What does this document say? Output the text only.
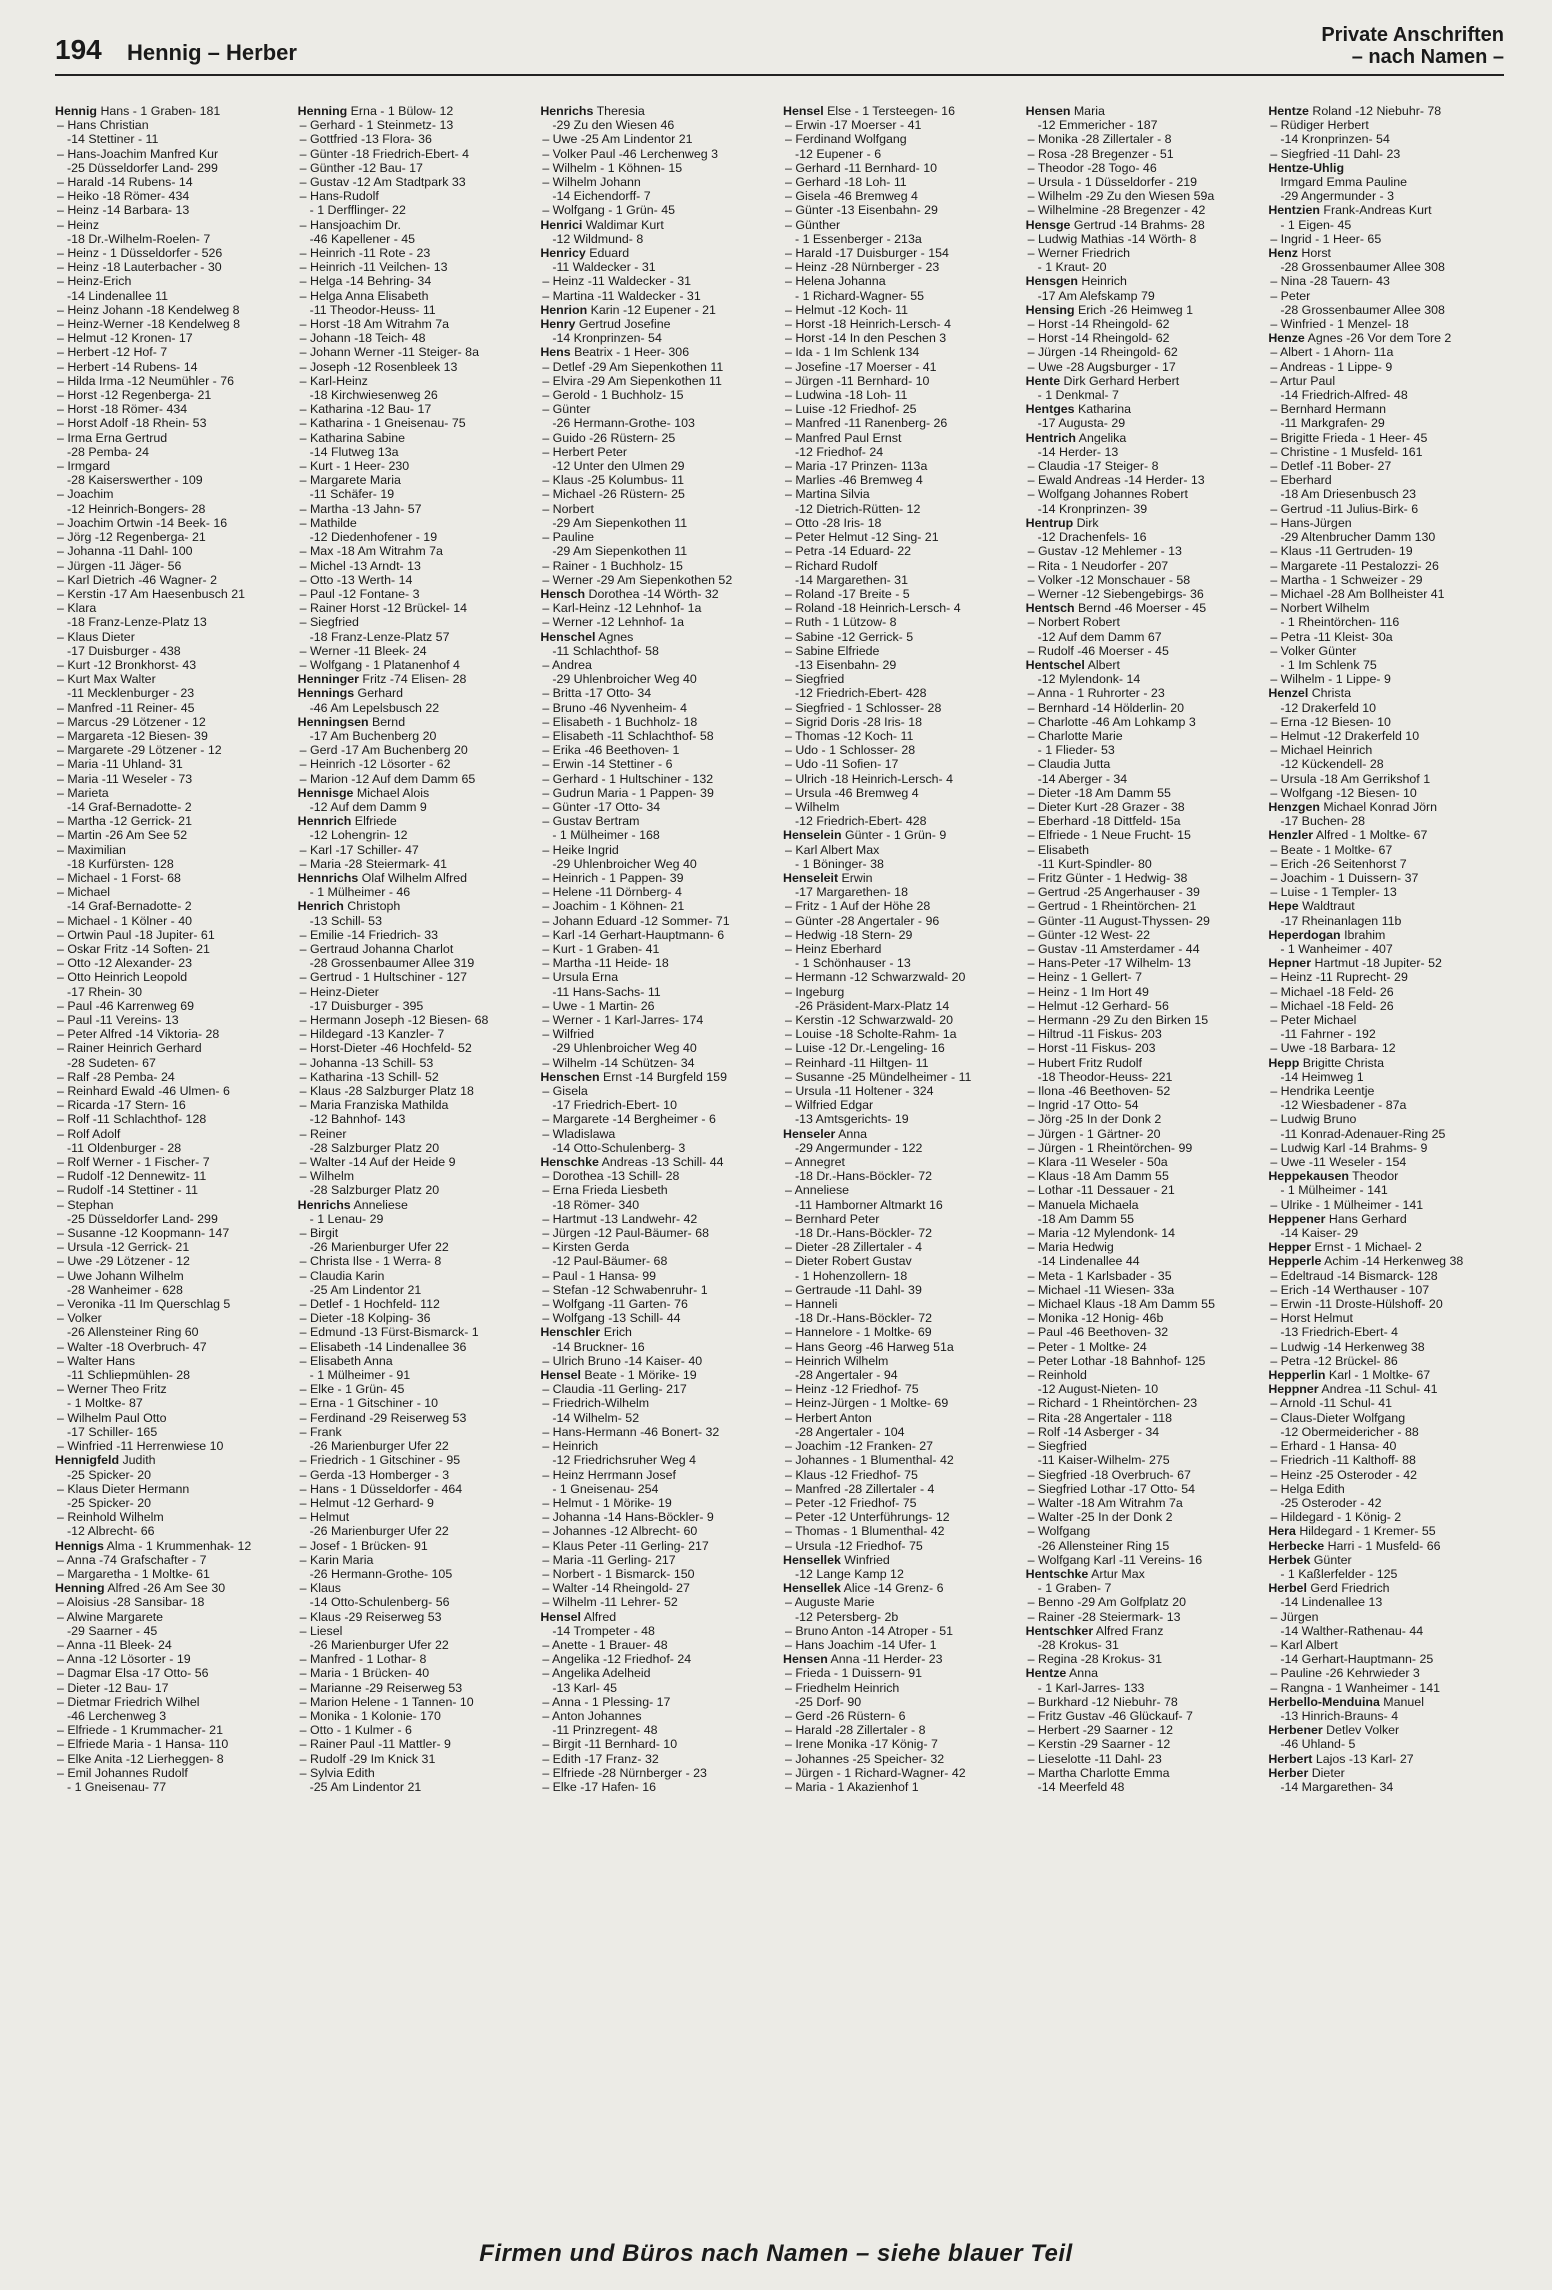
194 Hennig – Herber
Private Anschriften
– nach Namen –
Hennig Hans - 1 Graben- 181
– Hans Christian
-14 Stettiner - 11
– Hans-Joachim Manfred Kur
-25 Düsseldorfer Land- 299
– Harald -14 Rubens- 14
– Heiko -18 Römer- 434
– Heinz -14 Barbara- 13
– Heinz
-18 Dr.-Wilhelm-Roelen- 7
– Heinz - 1 Düsseldorfer - 526
– Heinz -18 Lauterbacher - 30
– Heinz-Erich
-14 Lindenallee 11
– Heinz Johann -18 Kendelweg 8
– Heinz-Werner -18 Kendelweg 8
– Helmut -12 Kronen- 17
– Herbert -12 Hof- 7
– Herbert -14 Rubens- 14
– Hilda Irma -12 Neumühler - 76
– Horst -12 Regenberga- 21
– Horst -18 Römer- 434
– Horst Adolf -18 Rhein- 53
– Irma Erna Gertrud
-28 Pemba- 24
– Irmgard
-28 Kaiserswerther - 109
– Joachim
-12 Heinrich-Bongers- 28
– Joachim Ortwin -14 Beek- 16
– Jörg -12 Regenberga- 21
– Johanna -11 Dahl- 100
– Jürgen -11 Jäger- 56
– Karl Dietrich -46 Wagner- 2
– Kerstin -17 Am Haesenbusch 21
– Klara
-18 Franz-Lenze-Platz 13
– Klaus Dieter
-17 Duisburger - 438
– Kurt -12 Bronkhorst- 43
– Kurt Max Walter
-11 Mecklenburger - 23
– Manfred -11 Reiner- 45
– Marcus -29 Lötzener - 12
– Margareta -12 Biesen- 39
– Margarete -29 Lötzener - 12
– Maria -11 Uhland- 31
– Maria -11 Weseler - 73
– Marieta
-14 Graf-Bernadotte- 2
– Martha -12 Gerrick- 21
– Martin -26 Am See 52
– Maximilian
-18 Kurfürsten- 128
– Michael - 1 Forst- 68
– Michael
-14 Graf-Bernadotte- 2
– Michael - 1 Kölner - 40
– Ortwin Paul -18 Jupiter- 61
– Oskar Fritz -14 Soften- 21
– Otto -12 Alexander- 23
– Otto Heinrich Leopold
-17 Rhein- 30
– Paul -46 Karrenweg 69
– Paul -11 Vereins- 13
– Peter Alfred -14 Viktoria- 28
– Rainer Heinrich Gerhard
-28 Sudeten- 67
– Ralf -28 Pemba- 24
– Reinhard Ewald -46 Ulmen- 6
– Ricarda -17 Stern- 16
– Rolf -11 Schlachthof- 128
– Rolf Adolf
-11 Oldenburger - 28
– Rolf Werner - 1 Fischer- 7
– Rudolf -12 Dennewitz- 11
– Rudolf -14 Stettiner - 11
– Stephan
-25 Düsseldorfer Land- 299
– Susanne -12 Koopmann- 147
– Ursula -12 Gerrick- 21
– Uwe -29 Lötzener - 12
– Uwe Johann Wilhelm
-28 Wanheimer - 628
– Veronika -11 Im Querschlag 5
– Volker
-26 Allensteiner Ring 60
– Walter -18 Overbruch- 47
– Walter Hans
-11 Schliepmühlen- 28
– Werner Theo Fritz
- 1 Moltke- 87
– Wilhelm Paul Otto
-17 Schiller- 165
– Winfried -11 Herrenwiese 10
Hennigfeld Judith
-25 Spicker- 20
– Klaus Dieter Hermann
-25 Spicker- 20
– Reinhold Wilhelm
-12 Albrecht- 66
Hennigs Alma - 1 Krummenhak- 12
– Anna -74 Grafschafter - 7
– Margaretha - 1 Moltke- 61
Henning Alfred -26 Am See 30
– Aloisius -28 Sansibar- 18
– Alwine Margarete
-29 Saarner - 45
– Anna -11 Bleek- 24
– Anna -12 Lösorter - 19
– Dagmar Elsa -17 Otto- 56
– Dieter -12 Bau- 17
– Dietmar Friedrich Wilhel
-46 Lerchenweg 3
– Elfriede - 1 Krummacher- 21
– Elfriede Maria - 1 Hansa- 110
– Elke Anita -12 Lierheggen- 8
– Emil Johannes Rudolf
- 1 Gneisenau- 77
Henning Erna - 1 Bülow- 12
– Gerhard - 1 Steinmetz- 13
– Gottfried -13 Flora- 36
– Günter -18 Friedrich-Ebert- 4
– Günther -12 Bau- 17
– Gustav -12 Am Stadtpark 33
– Hans-Rudolf
- 1 Derfflinger- 22
– Hansjoachim Dr.
-46 Kapellener - 45
– Heinrich -11 Rote - 23
– Heinrich -11 Veilchen- 13
– Helga -14 Behring- 34
– Helga Anna Elisabeth
-11 Theodor-Heuss- 11
– Horst -18 Am Witrahm 7a
– Johann -18 Teich- 48
– Johann Werner -11 Steiger- 8a
– Joseph -12 Rosenbleek 13
– Karl-Heinz
-18 Kirchwiesenweg 26
– Katharina -12 Bau- 17
– Katharina - 1 Gneisenau- 75
– Katharina Sabine
-14 Flutweg 13a
– Kurt - 1 Heer- 230
– Margarete Maria
-11 Schäfer- 19
– Martha -13 Jahn- 57
– Mathilde
-12 Diedenhofener - 19
– Max -18 Am Witrahm 7a
– Michel -13 Arndt- 13
– Otto -13 Werth- 14
– Paul -12 Fontane- 3
– Rainer Horst -12 Brückel- 14
– Siegfried
-18 Franz-Lenze-Platz 57
– Werner -11 Bleek- 24
– Wolfgang - 1 Platanenhof 4
Henninger Fritz -74 Elisen- 28
Hennings Gerhard
-46 Am Lepelsbusch 22
Henningsen Bernd
-17 Am Buchenberg 20
– Gerd -17 Am Buchenberg 20
– Heinrich -12 Lösorter - 62
– Marion -12 Auf dem Damm 65
Hennisge Michael Alois
-12 Auf dem Damm 9
Hennrich Elfriede
-12 Lohengrin- 12
– Karl -17 Schiller- 47
– Maria -28 Steiermark- 41
Hennrichs Olaf Wilhelm Alfred
- 1 Mülheimer - 46
Henrich Christoph
-13 Schill- 53
– Emilie -14 Friedrich- 33
– Gertraud Johanna Charlot
-28 Grossenbaumer Allee 319
– Gertrud - 1 Hultschiner - 127
– Heinz-Dieter
-17 Duisburger - 395
– Hermann Joseph -12 Biesen- 68
– Hildegard -13 Kanzler- 7
– Horst-Dieter -46 Hochfeld- 52
– Johanna -13 Schill- 53
– Katharina -13 Schill- 52
– Klaus -28 Salzburger Platz 18
– Maria Franziska Mathilda
-12 Bahnhof- 143
– Reiner
-28 Salzburger Platz 20
– Walter -14 Auf der Heide 9
– Wilhelm
-28 Salzburger Platz 20
Henrichs Anneliese
- 1 Lenau- 29
– Birgit
-26 Marienburger Ufer 22
– Christa Ilse - 1 Werra- 8
– Claudia Karin
-25 Am Lindentor 21
– Detlef - 1 Hochfeld- 112
– Dieter -18 Kolping- 36
– Edmund -13 Fürst-Bismarck- 1
– Elisabeth -14 Lindenallee 36
– Elisabeth Anna
- 1 Mülheimer - 91
– Elke - 1 Grün- 45
– Erna - 1 Gitschiner - 10
– Ferdinand -29 Reiserweg 53
– Frank
-26 Marienburger Ufer 22
– Friedrich - 1 Gitschiner - 95
– Gerda -13 Homberger - 3
– Hans - 1 Düsseldorfer - 464
– Helmut -12 Gerhard- 9
– Helmut
-26 Marienburger Ufer 22
– Josef - 1 Brücken- 91
– Karin Maria
-26 Hermann-Grothe- 105
– Klaus
-14 Otto-Schulenberg- 56
– Klaus -29 Reiserweg 53
– Liesel
-26 Marienburger Ufer 22
– Manfred - 1 Lothar- 8
– Maria - 1 Brücken- 40
– Marianne -29 Reiserweg 53
– Marion Helene - 1 Tannen- 10
– Monika - 1 Kolonie- 170
– Otto - 1 Kulmer - 6
– Rainer Paul -11 Mattler- 9
– Rudolf -29 Im Knick 31
– Sylvia Edith
-25 Am Lindentor 21
Henrichs Theresia
-29 Zu den Wiesen 46
– Uwe -25 Am Lindentor 21
– Volker Paul -46 Lerchenweg 3
– Wilhelm - 1 Köhnen- 15
– Wilhelm Johann
-14 Eichendorff- 7
– Wolfgang - 1 Grün- 45
Henrici Waldimar Kurt
-12 Wildmund- 8
Henricy Eduard
-11 Waldecker - 31
– Heinz -11 Waldecker - 31
– Martina -11 Waldecker - 31
Henrion Karin -12 Eupener - 21
Henry Gertrud Josefine
-14 Kronprinzen- 54
Hens Beatrix - 1 Heer- 306
– Detlef -29 Am Siepenkothen 11
– Elvira -29 Am Siepenkothen 11
– Gerold - 1 Buchholz- 15
– Günter
-26 Hermann-Grothe- 103
– Guido -26 Rüstern- 25
– Herbert Peter
-12 Unter den Ulmen 29
– Klaus -25 Kolumbus- 11
– Michael -26 Rüstern- 25
– Norbert
-29 Am Siepenkothen 11
– Pauline
-29 Am Siepenkothen 11
– Rainer - 1 Buchholz- 15
– Werner -29 Am Siepenkothen 52
Hensch Dorothea -14 Wörth- 32
– Karl-Heinz -12 Lehnhof- 1a
– Werner -12 Lehnhof- 1a
Henschel Agnes
-11 Schlachthof- 58
– Andrea
-29 Uhlenbroicher Weg 40
– Britta -17 Otto- 34
– Bruno -46 Nyvenheim- 4
– Elisabeth - 1 Buchholz- 18
– Elisabeth -11 Schlachthof- 58
– Erika -46 Beethoven- 1
– Erwin -14 Stettiner - 6
– Gerhard - 1 Hultschiner - 132
– Gudrun Maria - 1 Pappen- 39
– Günter -17 Otto- 34
– Gustav Bertram
- 1 Mülheimer - 168
– Heike Ingrid
-29 Uhlenbroicher Weg 40
– Heinrich - 1 Pappen- 39
– Helene -11 Dörnberg- 4
– Joachim - 1 Köhnen- 21
– Johann Eduard -12 Sommer- 71
– Karl -14 Gerhart-Hauptmann- 6
– Kurt - 1 Graben- 41
– Martha -11 Heide- 18
– Ursula Erna
-11 Hans-Sachs- 11
– Uwe - 1 Martin- 26
– Werner - 1 Karl-Jarres- 174
– Wilfried
-29 Uhlenbroicher Weg 40
– Wilhelm -14 Schützen- 34
Henschen Ernst -14 Burgfeld 159
– Gisela
-17 Friedrich-Ebert- 10
– Margarete -14 Bergheimer - 6
– Wladislawa
-14 Otto-Schulenberg- 3
Henschke Andreas -13 Schill- 44
– Dorothea -13 Schill- 28
– Erna Frieda Liesbeth
-18 Römer- 340
– Hartmut -13 Landwehr- 42
– Jürgen -12 Paul-Bäumer- 68
– Kirsten Gerda
-12 Paul-Bäumer- 68
– Paul - 1 Hansa- 99
– Stefan -12 Schwabenruhr- 1
– Wolfgang -11 Garten- 76
– Wolfgang -13 Schill- 44
Henschler Erich
-14 Bruckner- 16
– Ulrich Bruno -14 Kaiser- 40
Hensel Beate - 1 Mörike- 19
– Claudia -11 Gerling- 217
– Friedrich-Wilhelm
-14 Wilhelm- 52
– Hans-Hermann -46 Bonert- 32
– Heinrich
-12 Friedrichsruher Weg 4
– Heinz Herrmann Josef
- 1 Gneisenau- 254
– Helmut - 1 Mörike- 19
– Johanna -14 Hans-Böckler- 9
– Johannes -12 Albrecht- 60
– Klaus Peter -11 Gerling- 217
– Maria -11 Gerling- 217
– Norbert - 1 Bismarck- 150
– Walter -14 Rheingold- 27
– Wilhelm -11 Lehrer- 52
Hensel Alfred
-14 Trompeter - 48
– Anette - 1 Brauer- 48
– Angelika -12 Friedhof- 24
– Angelika Adelheid
-13 Karl- 45
– Anna - 1 Plessing- 17
– Anton Johannes
-11 Prinzregent- 48
– Birgit -11 Bernhard- 10
– Edith -17 Franz- 32
– Elfriede -28 Nürnberger - 23
– Elke -17 Hafen- 16
Hensel Else - 1 Tersteegen- 16
– Erwin -17 Moerser - 41
– Ferdinand Wolfgang
-12 Eupener - 6
– Gerhard -11 Bernhard- 10
– Gerhard -18 Loh- 11
– Gisela -46 Bremweg 4
– Günter -13 Eisenbahn- 29
– Günther
- 1 Essenberger - 213a
– Harald -17 Duisburger - 154
– Heinz -28 Nürnberger - 23
– Helena Johanna
- 1 Richard-Wagner- 55
– Helmut -12 Koch- 11
– Horst -18 Heinrich-Lersch- 4
– Horst -14 In den Peschen 3
– Ida - 1 Im Schlenk 134
– Josefine -17 Moerser - 41
– Jürgen -11 Bernhard- 10
– Ludwina -18 Loh- 11
– Luise -12 Friedhof- 25
– Manfred -11 Ranenberg- 26
– Manfred Paul Ernst
-12 Friedhof- 24
– Maria -17 Prinzen- 113a
– Marlies -46 Bremweg 4
– Martina Silvia
-12 Dietrich-Rütten- 12
– Otto -28 Iris- 18
– Peter Helmut -12 Sing- 21
– Petra -14 Eduard- 22
– Richard Rudolf
-14 Margarethen- 31
– Roland -17 Breite - 5
– Roland -18 Heinrich-Lersch- 4
– Ruth - 1 Lützow- 8
– Sabine -12 Gerrick- 5
– Sabine Elfriede
-13 Eisenbahn- 29
– Siegfried
-12 Friedrich-Ebert- 428
– Siegfried - 1 Schlosser- 28
– Sigrid Doris -28 Iris- 18
– Thomas -12 Koch- 11
– Udo - 1 Schlosser- 28
– Udo -11 Sofien- 17
– Ulrich -18 Heinrich-Lersch- 4
– Ursula -46 Bremweg 4
– Wilhelm
-12 Friedrich-Ebert- 428
Henselein Günter - 1 Grün- 9
– Karl Albert Max
- 1 Böninger- 38
Henseleit Erwin
-17 Margarethen- 18
– Fritz - 1 Auf der Höhe 28
– Günter -28 Angertaler - 96
– Hedwig -18 Stern- 29
– Heinz Eberhard
- 1 Schönhauser - 13
– Hermann -12 Schwarzwald- 20
– Ingeburg
-26 Präsident-Marx-Platz 14
– Kerstin -12 Schwarzwald- 20
– Louise -18 Scholte-Rahm- 1a
– Luise -12 Dr.-Lengeling- 16
– Reinhard -11 Hiltgen- 11
– Susanne -25 Mündelheimer - 11
– Ursula -11 Holtener - 324
– Wilfried Edgar
-13 Amtsgerichts- 19
Henseler Anna
-29 Angermunder - 122
– Annegret
-18 Dr.-Hans-Böckler- 72
– Anneliese
-11 Hamborner Altmarkt 16
– Bernhard Peter
-18 Dr.-Hans-Böckler- 72
– Dieter -28 Zillertaler - 4
– Dieter Robert Gustav
- 1 Hohenzollern- 18
– Gertraude -11 Dahl- 39
– Hanneli
-18 Dr.-Hans-Böckler- 72
– Hannelore - 1 Moltke- 69
– Hans Georg -46 Harweg 51a
– Heinrich Wilhelm
-28 Angertaler - 94
– Heinz -12 Friedhof- 75
– Heinz-Jürgen - 1 Moltke- 69
– Herbert Anton
-28 Angertaler - 104
– Joachim -12 Franken- 27
– Johannes - 1 Blumenthal- 42
– Klaus -12 Friedhof- 75
– Manfred -28 Zillertaler - 4
– Peter -12 Friedhof- 75
– Peter -12 Unterführungs- 12
– Thomas - 1 Blumenthal- 42
– Ursula -12 Friedhof- 75
Hensellek Winfried
-12 Lange Kamp 12
Hensellek Alice -14 Grenz- 6
– Auguste Marie
-12 Petersberg- 2b
– Bruno Anton -14 Atroper - 51
– Hans Joachim -14 Ufer- 1
Hensen Anna -11 Herder- 23
– Frieda - 1 Duissern- 91
– Friedhelm Heinrich
-25 Dorf- 90
– Gerd -26 Rüstern- 6
– Harald -28 Zillertaler - 8
– Irene Monika -17 König- 7
– Johannes -25 Speicher- 32
– Jürgen - 1 Richard-Wagner- 42
– Maria - 1 Akazienhof 1
Hensen Maria
-12 Emmericher - 187
– Monika -28 Zillertaler - 8
– Rosa -28 Bregenzer - 51
– Theodor -28 Togo- 46
– Ursula - 1 Düsseldorfer - 219
– Wilhelm -29 Zu den Wiesen 59a
– Wilhelmine -28 Bregenzer - 42
Hensge Gertrud -14 Brahms- 28
– Ludwig Mathias -14 Wörth- 8
– Werner Friedrich
- 1 Kraut- 20
Hensgen Heinrich
-17 Am Alefskamp 79
Hensing Erich -26 Heimweg 1
– Horst -14 Rheingold- 62
– Horst -14 Rheingold- 62
– Jürgen -14 Rheingold- 62
– Uwe -28 Augsburger - 17
Hente Dirk Gerhard Herbert
- 1 Denkmal- 7
Hentges Katharina
-17 Augusta- 29
Hentrich Angelika
-14 Herder- 13
– Claudia -17 Steiger- 8
– Ewald Andreas -14 Herder- 13
– Wolfgang Johannes Robert
-14 Kronprinzen- 39
Hentrup Dirk
-12 Drachenfels- 16
– Gustav -12 Mehlemer - 13
– Rita - 1 Neudorfer - 207
– Volker -12 Monschauer - 58
– Werner -12 Siebengebirgs- 36
Hentsch Bernd -46 Moerser - 45
– Norbert Robert
-12 Auf dem Damm 67
– Rudolf -46 Moerser - 45
Hentschel Albert
-12 Mylendonk- 14
– Anna - 1 Ruhrorter - 23
– Bernhard -14 Hölderlin- 20
– Charlotte -46 Am Lohkamp 3
– Charlotte Marie
- 1 Flieder- 53
– Claudia Jutta
-14 Aberger - 34
– Dieter -18 Am Damm 55
– Dieter Kurt -28 Grazer - 38
– Eberhard -18 Dittfeld- 15a
– Elfriede - 1 Neue Frucht- 15
– Elisabeth
-11 Kurt-Spindler- 80
– Fritz Günter - 1 Hedwig- 38
– Gertrud -25 Angerhauser - 39
– Gertrud - 1 Rheintörchen- 21
– Günter -11 August-Thyssen- 29
– Günter -12 West- 22
– Gustav -11 Amsterdamer - 44
– Hans-Peter -17 Wilhelm- 13
– Heinz - 1 Gellert- 7
– Heinz - 1 Im Hort 49
– Helmut -12 Gerhard- 56
– Hermann -29 Zu den Birken 15
– Hiltrud -11 Fiskus- 203
– Horst -11 Fiskus- 203
– Hubert Fritz Rudolf
-18 Theodor-Heuss- 221
– Ilona -46 Beethoven- 52
– Ingrid -17 Otto- 54
– Jörg -25 In der Donk 2
– Jürgen - 1 Gärtner- 20
– Jürgen - 1 Rheintörchen- 99
– Klara -11 Weseler - 50a
– Klaus -18 Am Damm 55
– Lothar -11 Dessauer - 21
– Manuela Michaela
-18 Am Damm 55
– Maria -12 Mylendonk- 14
– Maria Hedwig
-14 Lindenallee 44
– Meta - 1 Karlsbader - 35
– Michael -11 Wiesen- 33a
– Michael Klaus -18 Am Damm 55
– Monika -12 Honig- 46b
– Paul -46 Beethoven- 32
– Peter - 1 Moltke- 24
– Peter Lothar -18 Bahnhof- 125
– Reinhold
-12 August-Nieten- 10
– Richard - 1 Rheintörchen- 23
– Rita -28 Angertaler - 118
– Rolf -14 Asberger - 34
– Siegfried
-11 Kaiser-Wilhelm- 275
– Siegfried -18 Overbruch- 67
– Siegfried Lothar -17 Otto- 54
– Walter -18 Am Witrahm 7a
– Walter -25 In der Donk 2
– Wolfgang
-26 Allensteiner Ring 15
– Wolfgang Karl -11 Vereins- 16
Hentschke Artur Max
- 1 Graben- 7
– Benno -29 Am Golfplatz 20
– Rainer -28 Steiermark- 13
Hentschker Alfred Franz
-28 Krokus- 31
– Regina -28 Krokus- 31
Hentze Anna
- 1 Karl-Jarres- 133
– Burkhard -12 Niebuhr- 78
– Fritz Gustav -46 Glückauf- 7
– Herbert -29 Saarner - 12
– Kerstin -29 Saarner - 12
– Lieselotte -11 Dahl- 23
– Martha Charlotte Emma
-14 Meerfeld 48
Hentze Roland -12 Niebuhr- 78
– Rüdiger Herbert
-14 Kronprinzen- 54
– Siegfried -11 Dahl- 23
Hentze-Uhlig
Irmgard Emma Pauline
-29 Angermunder - 3
Hentzien Frank-Andreas Kurt
- 1 Eigen- 45
– Ingrid - 1 Heer- 65
Henz Horst
-28 Grossenbaumer Allee 308
– Nina -28 Tauern- 43
– Peter
-28 Grossenbaumer Allee 308
– Winfried - 1 Menzel- 18
Henze Agnes -26 Vor dem Tore 2
– Albert - 1 Ahorn- 11a
– Andreas - 1 Lippe- 9
– Artur Paul
-14 Friedrich-Alfred- 48
– Bernhard Hermann
-11 Markgrafen- 29
– Brigitte Frieda - 1 Heer- 45
– Christine - 1 Musfeld- 161
– Detlef -11 Bober- 27
– Eberhard
-18 Am Driesenbusch 23
– Gertrud -11 Julius-Birk- 6
– Hans-Jürgen
-29 Altenbrucher Damm 130
– Klaus -11 Gertruden- 19
– Margarete -11 Pestalozzi- 26
– Martha - 1 Schweizer - 29
– Michael -28 Am Bollheister 41
– Norbert Wilhelm
- 1 Rheintörchen- 116
– Petra -11 Kleist- 30a
– Volker Günter
- 1 Im Schlenk 75
– Wilhelm - 1 Lippe- 9
Henzel Christa
-12 Drakerfeld 10
– Erna -12 Biesen- 10
– Helmut -12 Drakerfeld 10
– Michael Heinrich
-12 Kückendell- 28
– Ursula -18 Am Gerrikshof 1
– Wolfgang -12 Biesen- 10
Henzgen Michael Konrad Jörn
-17 Buchen- 28
Henzler Alfred - 1 Moltke- 67
– Beate - 1 Moltke- 67
– Erich -26 Seitenhorst 7
– Joachim - 1 Duissern- 37
– Luise - 1 Templer- 13
Hepe Waldtraut
-17 Rheinanlagen 11b
Heperdogan Ibrahim
- 1 Wanheimer - 407
Hepner Hartmut -18 Jupiter- 52
– Heinz -11 Ruprecht- 29
– Michael -18 Feld- 26
– Michael -18 Feld- 26
– Peter Michael
-11 Fahrner - 192
– Uwe -18 Barbara- 12
Hepp Brigitte Christa
-14 Heimweg 1
– Hendrika Leentje
-12 Wiesbadener - 87a
– Ludwig Bruno
-11 Konrad-Adenauer-Ring 25
– Ludwig Karl -14 Brahms- 9
– Uwe -11 Weseler - 154
Heppekausen Theodor
- 1 Mülheimer - 141
– Ulrike - 1 Mülheimer - 141
Heppener Hans Gerhard
-14 Kaiser- 29
Hepper Ernst - 1 Michael- 2
Hepperle Achim -14 Herkenweg 38
– Edeltraud -14 Bismarck- 128
– Erich -14 Werthauser - 107
– Erwin -11 Droste-Hülshoff- 20
– Horst Helmut
-13 Friedrich-Ebert- 4
– Ludwig -14 Herkenweg 38
– Petra -12 Brückel- 86
Hepperlin Karl - 1 Moltke- 67
Heppner Andrea -11 Schul- 41
– Arnold -11 Schul- 41
– Claus-Dieter Wolfgang
-12 Obermeidericher - 88
– Erhard - 1 Hansa- 40
– Friedrich -11 Kalthoff- 88
– Heinz -25 Osteroder - 42
– Helga Edith
-25 Osteroder - 42
– Hildegard - 1 König- 2
Hera Hildegard - 1 Kremer- 55
Herbecke Harri - 1 Musfeld- 66
Herbek Günter
- 1 Kaßlerfelder - 125
Herbel Gerd Friedrich
-14 Lindenallee 13
– Jürgen
-14 Walther-Rathenau- 44
– Karl Albert
-14 Gerhart-Hauptmann- 25
– Pauline -26 Kehrwieder 3
– Rangna - 1 Wanheimer - 141
Herbello-Menduina Manuel
-13 Hinrich-Brauns- 4
Herbener Detlev Volker
-46 Uhland- 5
Herbert Lajos -13 Karl- 27
Herber Dieter
-14 Margarethen- 34
Firmen und Büros nach Namen – siehe blauer Teil
